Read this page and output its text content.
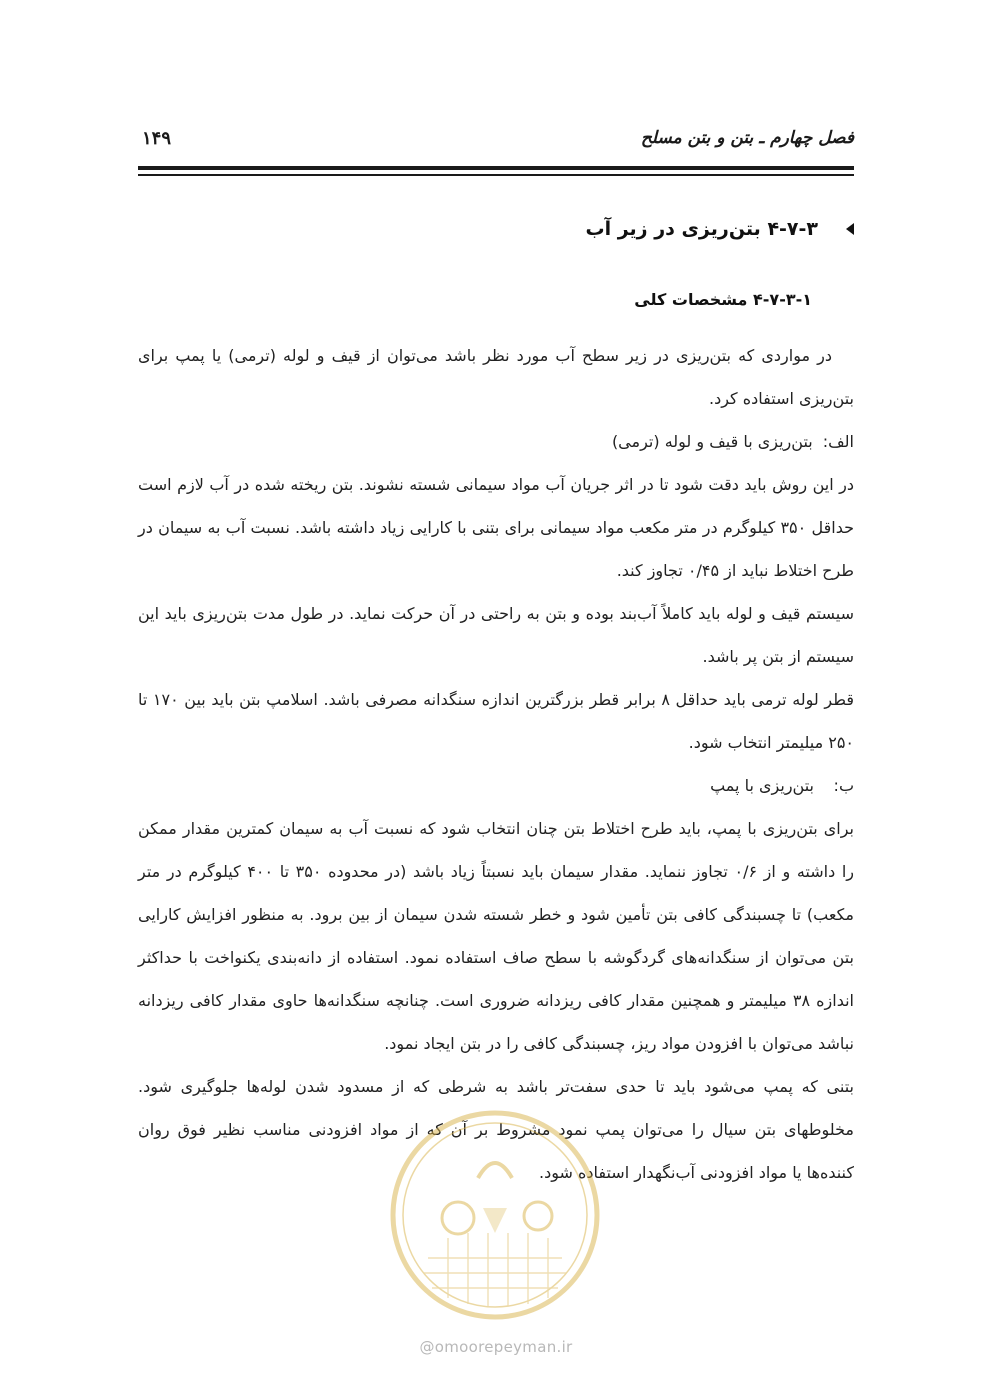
فصل چهارم ـ بتن و بتن مسلح
۱۴۹
۴-۷-۳ بتن‌ریزی در زیر آب
۴-۷-۳-۱ مشخصات کلی

در مواردی که بتن‌ریزی در زیر سطح آب مورد نظر باشد می‌توان از قیف و لوله (ترمی) یا پمپ برای بتن‌ریزی استفاده کرد.

الف:
بتن‌ریزی با قیف و لوله (ترمی)

در این روش باید دقت شود تا در اثر جریان آب مواد سیمانی شسته نشوند. بتن ریخته شده در آب لازم است حداقل ۳۵۰ کیلوگرم در متر مکعب مواد سیمانی برای بتنی با کارایی زیاد داشته باشد. نسبت آب به سیمان در طرح اختلاط نباید از ۰/۴۵ تجاوز کند.

سیستم قیف و لوله باید کاملاً آب‌بند بوده و بتن به راحتی در آن حرکت نماید. در طول مدت بتن‌ریزی باید این سیستم از بتن پر باشد.

قطر لوله ترمی باید حداقل ۸ برابر قطر بزرگترین اندازه سنگدانه مصرفی باشد. اسلامپ بتن باید بین ۱۷۰ تا ۲۵۰ میلیمتر انتخاب شود.

ب:
بتن‌ریزی با پمپ

برای بتن‌ریزی با پمپ، باید طرح اختلاط بتن چنان انتخاب شود که نسبت آب به سیمان کمترین مقدار ممکن را داشته و از ۰/۶ تجاوز ننماید. مقدار سیمان باید نسبتاً زیاد باشد (در محدوده ۳۵۰ تا ۴۰۰ کیلوگرم در متر مکعب) تا چسبندگی کافی بتن تأمین شود و خطر شسته شدن سیمان از بین برود. به منظور افزایش کارایی بتن می‌توان از سنگدانه‌های گردگوشه با سطح صاف استفاده نمود. استفاده از دانه‌بندی یکنواخت با حداکثر اندازه ۳۸ میلیمتر و همچنین مقدار کافی ریزدانه ضروری است. چنانچه سنگدانه‌ها حاوی مقدار کافی ریزدانه نباشد می‌توان با افزودن مواد ریز، چسبندگی کافی را در بتن ایجاد نمود.

بتنی که پمپ می‌شود باید تا حدی سفت‌تر باشد به شرطی که از مسدود شدن لوله‌ها جلوگیری شود. مخلوطهای بتن سیال را می‌توان پمپ نمود مشروط بر آن که از مواد افزودنی مناسب نظیر فوق روان کننده‌ها یا مواد افزودنی آب‌نگهدار استفاده شود.

@omoorepeyman.ir
